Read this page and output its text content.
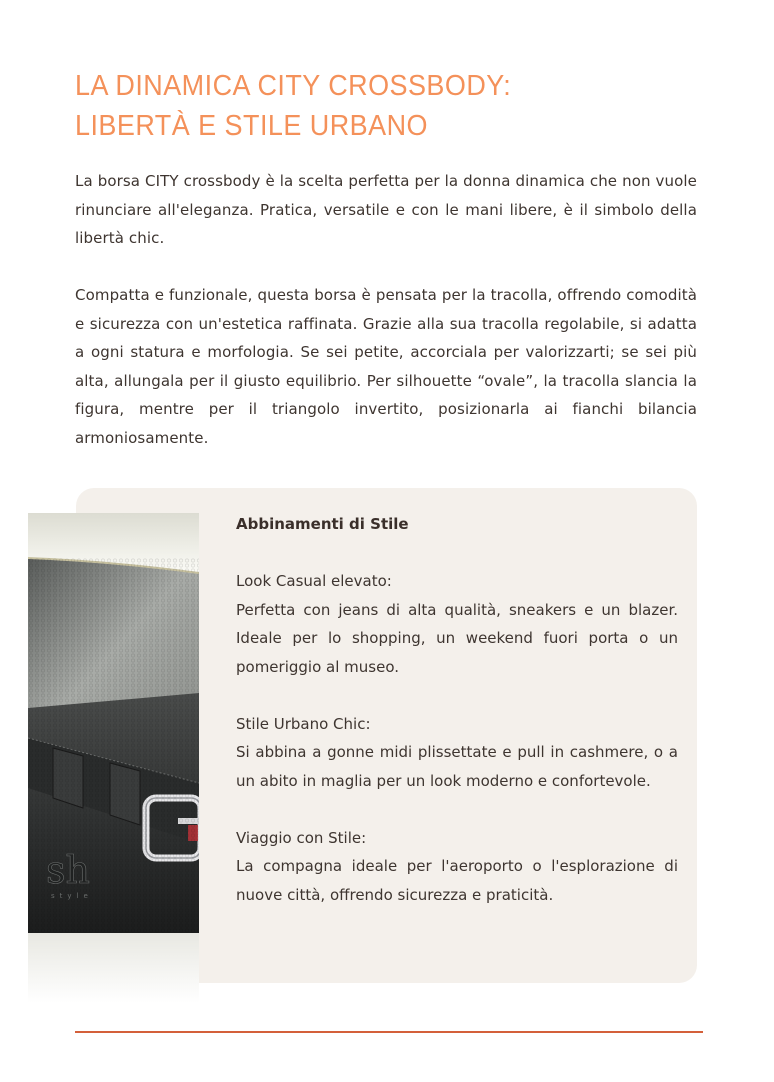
LA DINAMICA CITY CROSSBODY:
LIBERTÀ E STILE URBANO

La borsa CITY crossbody è la scelta perfetta per la donna dinamica che non vuole rinunciare all'eleganza. Pratica, versatile e con le mani libere, è il simbolo della libertà chic.

Compatta e funzionale, questa borsa è pensata per la tracolla, offrendo comodità e sicurezza con un'estetica raffinata. Grazie alla sua tracolla regolabile, si adatta a ogni statura e morfologia. Se sei petite, accorciala per valorizzarti; se sei più alta, allungala per il giusto equilibrio. Per silhouette “ovale”, la tracolla slancia la figura, mentre per il triangolo invertito, posizionarla ai fianchi bilancia armoniosamente.

sh
style

Abbinamenti di Stile

Look Casual elevato:

Perfetta con jeans di alta qualità, sneakers e un blazer. Ideale per lo shopping, un weekend fuori porta o un pomeriggio al museo.

Stile Urbano Chic:

Si abbina a gonne midi plissettate e pull in cashmere, o a un abito in maglia per un look moderno e confortevole.

Viaggio con Stile:

La compagna ideale per l'aeroporto o l'esplorazione di nuove città, offrendo sicurezza e praticità.
